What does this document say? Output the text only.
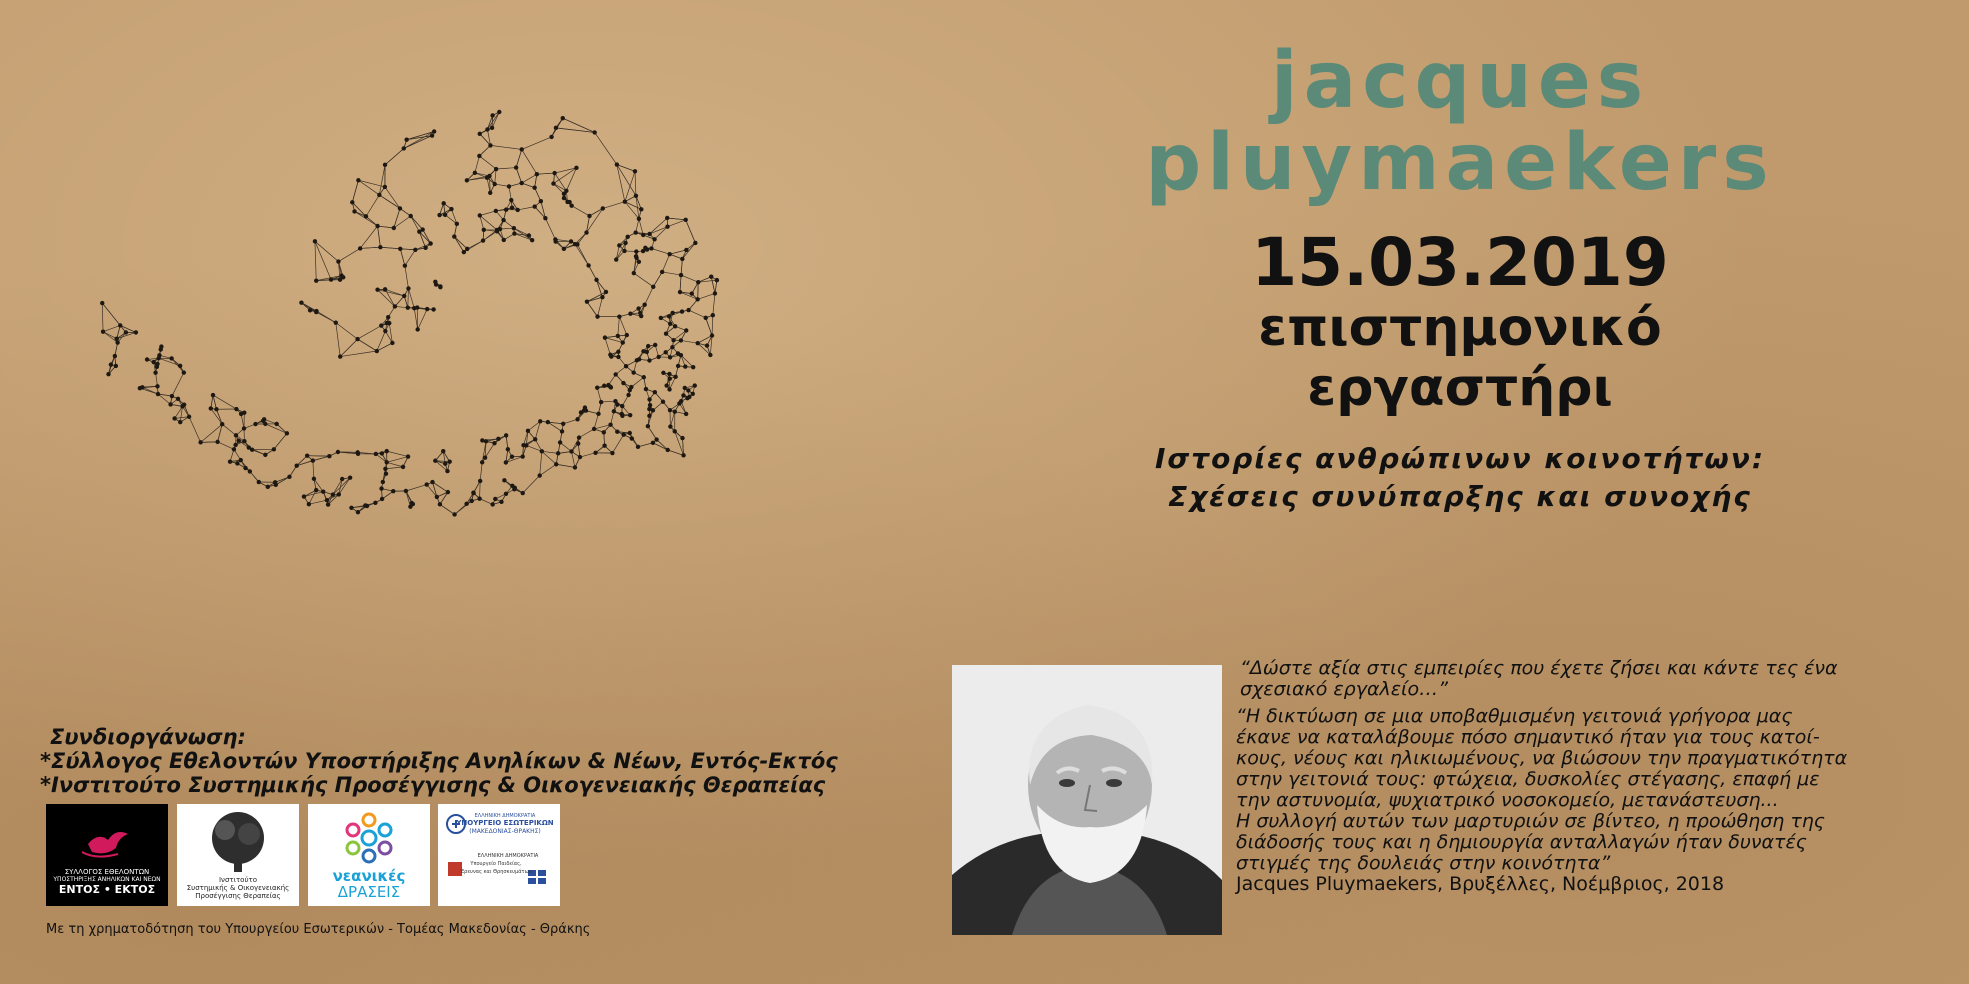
jacques
pluymaekers
15.03.2019
επιστημονικό
εργαστήρι
Ιστορίες ανθρώπινων κοινοτήτων:
Σχέσεις συνύπαρξης και συνοχής

“Δώστε αξία στις εμπειρίες που έχετε ζήσει και κάντε τες ένα σχεσιακό εργαλείο…”

“Η δικτύωση σε μια υποβαθμισμένη γειτονιά γρήγορα μας

έκανε να καταλάβουμε πόσο σημαντικό ήταν για τους κατοί-

κους, νέους και ηλικιωμένους, να βιώσουν την πραγματικότητα

στην γειτονιά τους: φτώχεια, δυσκολίες στέγασης, επαφή με

την αστυνομία, ψυχιατρικό νοσοκομείο, μετανάστευση...

Η συλλογή αυτών των μαρτυριών σε βίντεο, η προώθηση της

διάδοσής τους και η δημιουργία ανταλλαγών ήταν δυνατές

στιγμές της δουλειάς στην κοινότητα”

Jacques Pluymaekers, Βρυξέλλες, Νοέμβριος, 2018

Συνδιοργάνωση:
*Σύλλογος Εθελοντών Υποστήριξης Ανηλίκων & Νέων, Εντός-Εκτός
*Ινστιτούτο Συστημικής Προσέγγισης & Οικογενειακής Θεραπείας
ΣΥΛΛΟΓΟΣ ΕΘΕΛΟΝΤΩΝ
ΥΠΟΣΤΗΡΙΞΗΣ ΑΝΗΛΙΚΩΝ ΚΑΙ ΝΕΩΝ
ΕΝΤΟΣ • ΕΚΤΟΣ
Ινστιτούτο
Συστημικής & Οικογενειακής
Προσέγγισης Θεραπείας
νεανικές
ΔΡΑΣΕΙΣ
ΕΛΛΗΝΙΚΗ ΔΗΜΟΚΡΑΤΙΑ
ΥΠΟΥΡΓΕΙΟ ΕΣΩΤΕΡΙΚΩΝ
(ΜΑΚΕΔΟΝΙΑΣ-ΘΡΑΚΗΣ)
ΕΛΛΗΝΙΚΗ ΔΗΜΟΚΡΑΤΙΑ
Υπουργείο Παιδείας,
Έρευνας και Θρησκευμάτων
Με τη χρηματοδότηση του Υπουργείου Εσωτερικών - Τομέας Μακεδονίας - Θράκης
